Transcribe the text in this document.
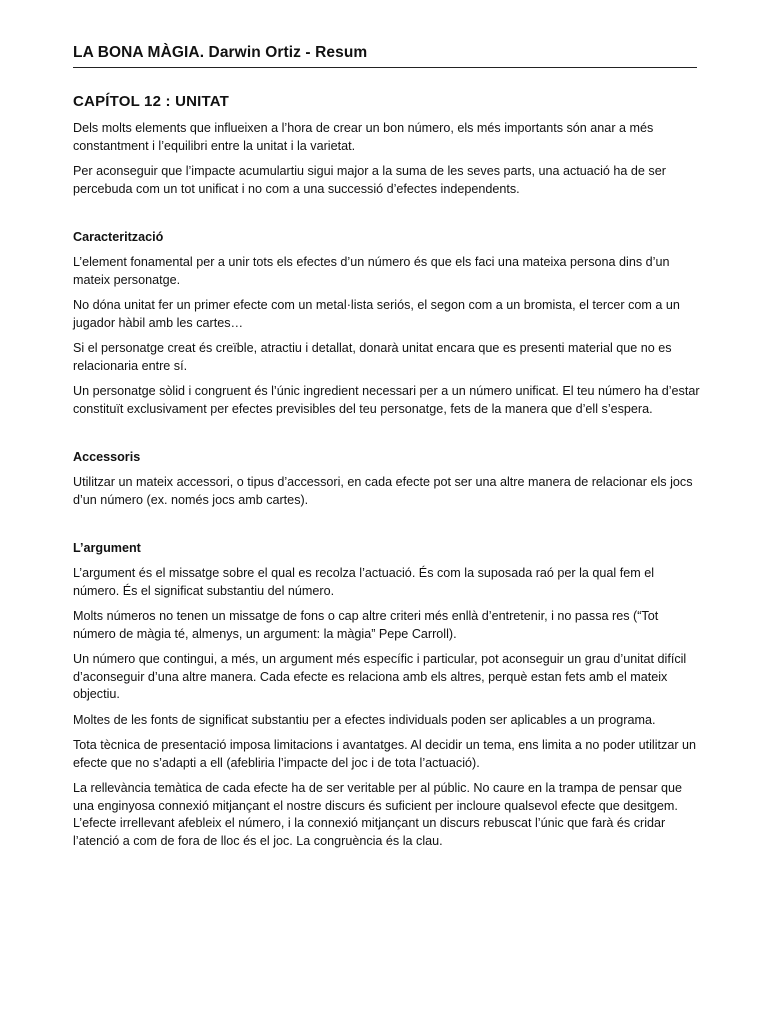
LA BONA MÀGIA. Darwin Ortiz - Resum
CAPÍTOL 12 : UNITAT

Dels molts elements que influeixen a l’hora de crear un bon número, els més importants són anar a més constantment i l’equilibri entre la unitat i la varietat.

Per aconseguir que l’impacte acumulartiu sigui major a la suma de les seves parts, una actuació ha de ser percebuda com un tot unificat i no com a una successió d’efectes independents.

Caracterització

L’element fonamental per a unir tots els efectes d’un número és que els faci una mateixa persona dins d’un mateix personatge.

No dóna unitat fer un primer efecte com un metal·lista seriós, el segon com a un bromista, el tercer com a un jugador hàbil amb les cartes…

Si el personatge creat és creïble, atractiu i detallat, donarà unitat encara que es presenti material que no es relacionaria entre sí.

Un personatge sòlid i congruent és l’únic ingredient necessari per a un número unificat. El teu número ha d’estar constituït exclusivament per efectes previsibles del teu personatge, fets de la manera que d’ell s’espera.

Accessoris

Utilitzar un mateix accessori, o tipus d’accessori, en cada efecte pot ser una altre manera de relacionar els jocs d’un número (ex. només jocs amb cartes).

L’argument

L’argument és el missatge sobre el qual es recolza l’actuació. És com la suposada raó per la qual fem el número. És el significat substantiu del número.

Molts números no tenen un missatge de fons o cap altre criteri més enllà d’entretenir, i no passa res (“Tot número de màgia té, almenys, un argument: la màgia” Pepe Carroll).

Un número que contingui, a més, un argument més específic i particular, pot aconseguir un grau d’unitat difícil d’aconseguir d’una altre manera. Cada efecte es relaciona amb els altres, perquè estan fets amb el mateix objectiu.

Moltes de les fonts de significat substantiu per a efectes individuals poden ser aplicables a un programa.

Tota tècnica de presentació imposa limitacions i avantatges. Al decidir un tema, ens limita a no poder utilitzar un efecte que no s’adapti a ell (afebliria l’impacte del joc i de tota l’actuació).

La rellevància temàtica de cada efecte ha de ser veritable per al públic. No caure en la trampa de pensar que una enginyosa connexió mitjançant el nostre discurs és suficient per incloure qualsevol efecte que desitgem. L’efecte irrellevant afebleix el número, i la connexió mitjançant un discurs rebuscat l’únic que farà és cridar l’atenció a com de fora de lloc és el joc. La congruència és la clau.
